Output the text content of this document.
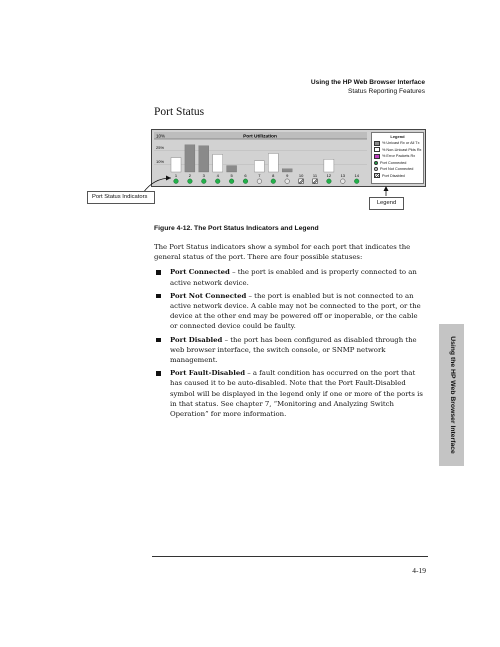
Using the HP Web Browser Interface
Status Reporting Features
Port Status
10%	Port Utilization
25%
10%
1	2	3	4	5	6	7	8	9	10 11 12 13 14
Legend
% Unicast Rx or All Tx
% Non-Unicast Pkts Rx
% Error Packets Rx
Port Connected
Port Not Connected
Port Disabled
Port Status Indicators
Legend
Figure 4-12. The Port Status Indicators and Legend

The Port Status indicators show a symbol for each port that indicates the general status of the port. There are four possible statuses:

Port Connected – the port is enabled and is properly connected to an active network device.
Port Not Connected – the port is enabled but is not connected to an active network device. A cable may not be connected to the port, or the device at the other end may be powered off or inoperable, or the cable or connected device could be faulty.
Port Disabled – the port has been configured as disabled through the web browser interface, the switch console, or SNMP network management.
Port Fault-Disabled – a fault condition has occurred on the port that has caused it to be auto-disabled. Note that the Port Fault-Disabled symbol will be displayed in the legend only if one or more of the ports is in that status. See chapter 7, “Monitoring and Analyzing Switch Operation” for more information.	Using the HP Web Browser Interface
4-19
